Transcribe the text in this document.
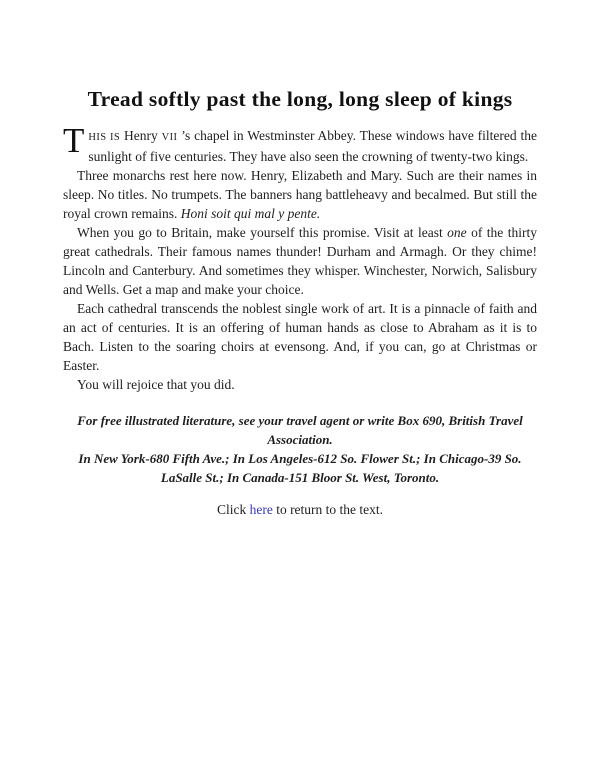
Tread softly past the long, long sleep of kings

T HIS IS Henry VII ’s chapel in Westminster Abbey. These windows have filtered the sunlight of five centuries. They have also seen the crowning of twenty-two kings.

Three monarchs rest here now. Henry, Elizabeth and Mary. Such are their names in sleep. No titles. No trumpets. The banners hang battleheavy and becalmed. But still the royal crown remains. Honi soit qui mal y pente.

When you go to Britain, make yourself this promise. Visit at least one of the thirty great cathedrals. Their famous names thunder! Durham and Armagh. Or they chime! Lincoln and Canterbury. And sometimes they whisper. Winchester, Norwich, Salisbury and Wells. Get a map and make your choice.

Each cathedral transcends the noblest single work of art. It is a pinnacle of faith and an act of centuries. It is an offering of human hands as close to Abraham as it is to Bach. Listen to the soaring choirs at evensong. And, if you can, go at Christmas or Easter.

You will rejoice that you did.

For free illustrated literature, see your travel agent or write Box 690, British Travel Association.

In New York-680 Fifth Ave.; In Los Angeles-612 So. Flower St.; In Chicago-39 So. LaSalle St.; In Canada-151 Bloor St. West, Toronto.

Click here to return to the text.
